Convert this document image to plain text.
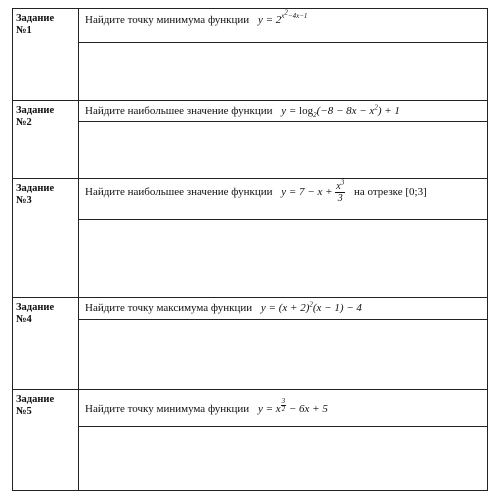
Задание
№1	Найдите точку минимума функции $y = 2^{x^2-4x-1}$

Задание
№2	Найдите наибольшее значение функции $y = \log_2(-8 - 8x - x^2) + 1$

Задание
№3	Найдите наибольшее значение функции $y = 7 - x + \frac{x^3}{3}$ на отрезке [0;3]

Задание
№4	Найдите точку максимума функции $y = (x + 2)^2(x - 1) - 4$

Задание
№5	Найдите точку минимума функции y = x $^{\frac{3}{2}}$ − 6x + 5
